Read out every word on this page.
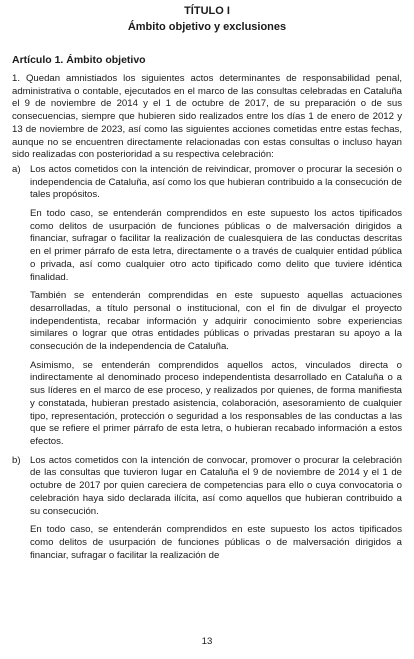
TÍTULO I

Ámbito objetivo y exclusiones

Artículo 1. Ámbito objetivo

1. Quedan amnistiados los siguientes actos determinantes de responsabilidad penal, administrativa o contable, ejecutados en el marco de las consultas celebradas en Cataluña el 9 de noviembre de 2014 y el 1 de octubre de 2017, de su preparación o de sus consecuencias, siempre que hubieren sido realizados entre los días 1 de enero de 2012 y 13 de noviembre de 2023, así como las siguientes acciones cometidas entre estas fechas, aunque no se encuentren directamente relacionadas con estas consultas o incluso hayan sido realizadas con posterioridad a su respectiva celebración:

a) Los actos cometidos con la intención de reivindicar, promover o procurar la secesión o independencia de Cataluña, así como los que hubieran contribuido a la consecución de tales propósitos.

En todo caso, se entenderán comprendidos en este supuesto los actos tipificados como delitos de usurpación de funciones públicas o de malversación dirigidos a financiar, sufragar o facilitar la realización de cualesquiera de las conductas descritas en el primer párrafo de esta letra, directamente o a través de cualquier entidad pública o privada, así como cualquier otro acto tipificado como delito que tuviere idéntica finalidad.

También se entenderán comprendidas en este supuesto aquellas actuaciones desarrolladas, a título personal o institucional, con el fin de divulgar el proyecto independentista, recabar información y adquirir conocimiento sobre experiencias similares o lograr que otras entidades públicas o privadas prestaran su apoyo a la consecución de la independencia de Cataluña.

Asimismo, se entenderán comprendidos aquellos actos, vinculados directa o indirectamente al denominado proceso independentista desarrollado en Cataluña o a sus líderes en el marco de ese proceso, y realizados por quienes, de forma manifiesta y constatada, hubieran prestado asistencia, colaboración, asesoramiento de cualquier tipo, representación, protección o seguridad a los responsables de las conductas a las que se refiere el primer párrafo de esta letra, o hubieran recabado información a estos efectos.

b) Los actos cometidos con la intención de convocar, promover o procurar la celebración de las consultas que tuvieron lugar en Cataluña el 9 de noviembre de 2014 y el 1 de octubre de 2017 por quien careciera de competencias para ello o cuya convocatoria o celebración haya sido declarada ilícita, así como aquellos que hubieran contribuido a su consecución.

En todo caso, se entenderán comprendidos en este supuesto los actos tipificados como delitos de usurpación de funciones públicas o de malversación dirigidos a financiar, sufragar o facilitar la realización de

13
